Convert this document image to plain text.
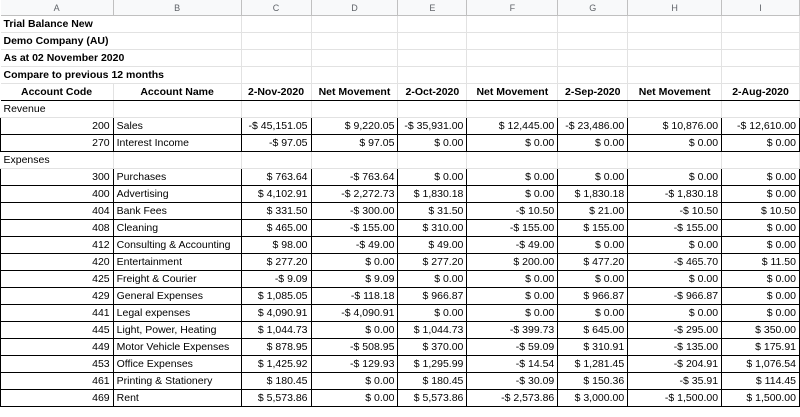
A	B	C	D	E	F	G	H	I
Trial Balance New								
Demo Company (AU)								
As at 02 November 2020								
Compare to previous 12 months								
Account Code	Account Name	2-Nov-2020	Net Movement	2-Oct-2020	Net Movement	2-Sep-2020	Net Movement	2-Aug-2020
Revenue								
200	Sales	-$ 45,151.05	$ 9,220.05	-$ 35,931.00	$ 12,445.00	-$ 23,486.00	$ 10,876.00	-$ 12,610.00
270	Interest Income	-$ 97.05	$ 97.05	$ 0.00	$ 0.00	$ 0.00	$ 0.00	$ 0.00
Expenses								
300	Purchases	$ 763.64	-$ 763.64	$ 0.00	$ 0.00	$ 0.00	$ 0.00	$ 0.00
400	Advertising	$ 4,102.91	-$ 2,272.73	$ 1,830.18	$ 0.00	$ 1,830.18	-$ 1,830.18	$ 0.00
404	Bank Fees	$ 331.50	-$ 300.00	$ 31.50	-$ 10.50	$ 21.00	-$ 10.50	$ 10.50
408	Cleaning	$ 465.00	-$ 155.00	$ 310.00	-$ 155.00	$ 155.00	-$ 155.00	$ 0.00
412	Consulting & Accounting	$ 98.00	-$ 49.00	$ 49.00	-$ 49.00	$ 0.00	$ 0.00	$ 0.00
420	Entertainment	$ 277.20	$ 0.00	$ 277.20	$ 200.00	$ 477.20	-$ 465.70	$ 11.50
425	Freight & Courier	-$ 9.09	$ 9.09	$ 0.00	$ 0.00	$ 0.00	$ 0.00	$ 0.00
429	General Expenses	$ 1,085.05	-$ 118.18	$ 966.87	$ 0.00	$ 966.87	-$ 966.87	$ 0.00
441	Legal expenses	$ 4,090.91	-$ 4,090.91	$ 0.00	$ 0.00	$ 0.00	$ 0.00	$ 0.00
445	Light, Power, Heating	$ 1,044.73	$ 0.00	$ 1,044.73	-$ 399.73	$ 645.00	-$ 295.00	$ 350.00
449	Motor Vehicle Expenses	$ 878.95	-$ 508.95	$ 370.00	-$ 59.09	$ 310.91	-$ 135.00	$ 175.91
453	Office Expenses	$ 1,425.92	-$ 129.93	$ 1,295.99	-$ 14.54	$ 1,281.45	-$ 204.91	$ 1,076.54
461	Printing & Stationery	$ 180.45	$ 0.00	$ 180.45	-$ 30.09	$ 150.36	-$ 35.91	$ 114.45
469	Rent	$ 5,573.86	$ 0.00	$ 5,573.86	-$ 2,573.86	$ 3,000.00	-$ 1,500.00	$ 1,500.00
